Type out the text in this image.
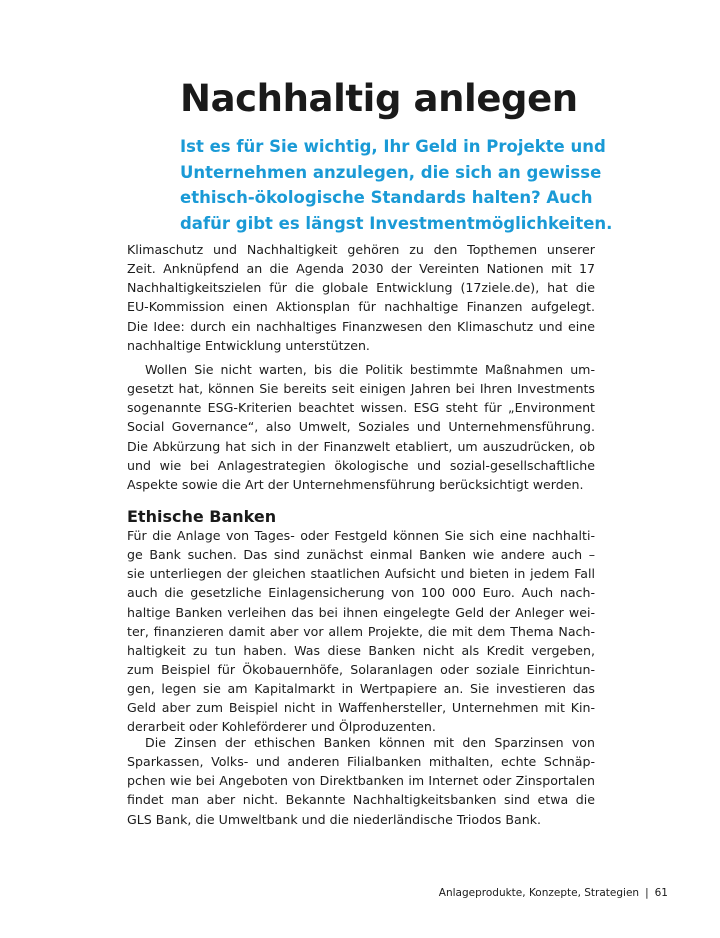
Nachhaltig anlegen
Ist es für Sie wichtig, Ihr Geld in Projekte und
Unternehmen anzulegen, die sich an gewisse
ethisch-ökologische Standards halten? Auch
dafür gibt es längst Investmentmöglichkeiten.
Klimaschutz und Nachhaltigkeit gehören zu den Topthemen unserer
Zeit. Anknüpfend an die Agenda 2030 der Vereinten Nationen mit 17
Nachhaltigkeitszielen für die globale Entwicklung (17ziele.de), hat die
EU-Kommission einen Aktionsplan für nachhaltige Finanzen aufgelegt.
Die Idee: durch ein nachhaltiges Finanzwesen den Klimaschutz und eine
nachhaltige Entwicklung unterstützen.
Wollen Sie nicht warten, bis die Politik bestimmte Maßnahmen um-
gesetzt hat, können Sie bereits seit einigen Jahren bei Ihren Investments
sogenannte ESG-Kriterien beachtet wissen. ESG steht für „Environment
Social Governance“, also Umwelt, Soziales und Unternehmensführung.
Die Abkürzung hat sich in der Finanzwelt etabliert, um auszudrücken, ob
und wie bei Anlagestrategien ökologische und sozial-gesellschaftliche
Aspekte sowie die Art der Unternehmensführung berücksichtigt werden.
Ethische Banken
Für die Anlage von Tages- oder Festgeld können Sie sich eine nachhalti-
ge Bank suchen. Das sind zunächst einmal Banken wie andere auch –
sie unterliegen der gleichen staatlichen Aufsicht und bieten in jedem Fall
auch die gesetzliche Einlagensicherung von 100 000 Euro. Auch nach-
haltige Banken verleihen das bei ihnen eingelegte Geld der Anleger wei-
ter, finanzieren damit aber vor allem Projekte, die mit dem Thema Nach-
haltigkeit zu tun haben. Was diese Banken nicht als Kredit vergeben,
zum Beispiel für Ökobauernhöfe, Solaranlagen oder soziale Einrichtun-
gen, legen sie am Kapitalmarkt in Wertpapiere an. Sie investieren das
Geld aber zum Beispiel nicht in Waffenhersteller, Unternehmen mit Kin-
derarbeit oder Kohleförderer und Ölproduzenten.
Die Zinsen der ethischen Banken können mit den Sparzinsen von
Sparkassen, Volks- und anderen Filialbanken mithalten, echte Schnäp-
pchen wie bei Angeboten von Direktbanken im Internet oder Zinsportalen
findet man aber nicht. Bekannte Nachhaltigkeitsbanken sind etwa die
GLS Bank, die Umweltbank und die niederländische Triodos Bank.
Anlageprodukte, Konzepte, Strategien | 61
